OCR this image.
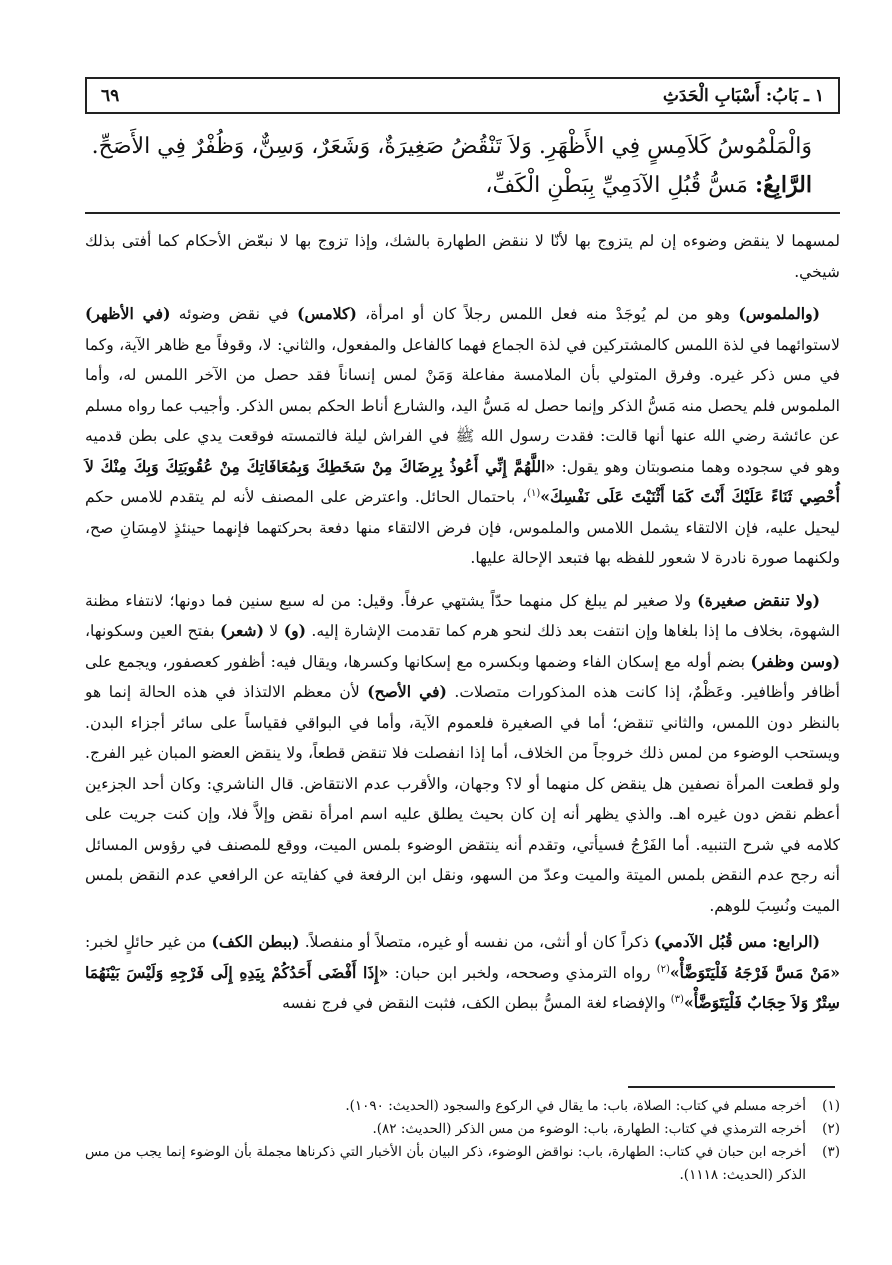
١ ـ بَابُ: أَسْبَابِ الْحَدَثِ
٦٩

وَالْمَلْمُوسُ كَلاَمِسٍ فِي الأَظْهَرِ. وَلاَ تَنْقُضُ صَغِيرَةٌ، وَشَعَرٌ، وَسِنٌّ، وَظُفْرٌ فِي الأَصَحِّ.

الرَّابِعُ: مَسُّ قُبُلِ الآدَمِيِّ بِبَطْنِ الْكَفِّ،

لمسهما لا ينقض وضوءه إن لم يتزوج بها لأنّا لا ننقض الطهارة بالشك، وإذا تزوج بها لا نبعّض الأحكام كما أفتى بذلك شيخي.

(والملموس) وهو من لم يُوجَدْ منه فعل اللمس رجلاً كان أو امرأة، (كلامس) في نقض وضوئه (في الأظهر) لاستوائهما في لذة اللمس كالمشتركين في لذة الجماع فهما كالفاعل والمفعول، والثاني: لا، وقوفاً مع ظاهر الآية، وكما في مس ذكر غيره. وفرق المتولي بأن الملامسة مفاعلة وَمَنْ لمس إنساناً فقد حصل من الآخر اللمس له، وأما الملموس فلم يحصل منه مَسُّ الذكر وإنما حصل له مَسُّ اليد، والشارع أناط الحكم بمس الذكر. وأجيب عما رواه مسلم عن عائشة رضي الله عنها أنها قالت: فقدت رسول الله ﷺ في الفراش ليلة فالتمسته فوقعت يدي على بطن قدميه وهو في سجوده وهما منصوبتان وهو يقول: «اللَّهُمَّ إِنِّي أَعُوذُ بِرِضَاكَ مِنْ سَخَطِكَ وَبِمُعَافَاتِكَ مِنْ عُقُوبَتِكَ وَبِكَ مِنْكَ لاَ أُحْصِي ثَنَاءً عَلَيْكَ أَنْتَ كَمَا أَثْنَيْتَ عَلَى نَفْسِكَ»$^{(١)}$، باحتمال الحائل. واعترض على المصنف لأنه لم يتقدم للامس حكم ليحيل عليه، فإن الالتقاء يشمل اللامس والملموس، فإن فرض الالتقاء منها دفعة بحركتهما فإنهما حينئذٍ لامِسَانِ صح، ولكنهما صورة نادرة لا شعور للفظه بها فتبعد الإحالة عليها.

(ولا تنقض صغيرة) ولا صغير لم يبلغ كل منهما حدّاً يشتهي عرفاً. وقيل: من له سبع سنين فما دونها؛ لانتفاء مظنة الشهوة، بخلاف ما إذا بلغاها وإن انتفت بعد ذلك لنحو هرم كما تقدمت الإشارة إليه. (و) لا (شعر) بفتح العين وسكونها، (وسن وظفر) بضم أوله مع إسكان الفاء وضمها وبكسره مع إسكانها وكسرها، ويقال فيه: أظفور كعصفور، ويجمع على أظافر وأظافير. وعَظْمٌ، إذا كانت هذه المذكورات متصلات. (في الأصح) لأن معظم الالتذاذ في هذه الحالة إنما هو بالنظر دون اللمس، والثاني تنقض؛ أما في الصغيرة فلعموم الآية، وأما في البواقي فقياساً على سائر أجزاء البدن. ويستحب الوضوء من لمس ذلك خروجاً من الخلاف، أما إذا انفصلت فلا تنقض قطعاً، ولا ينقض العضو المبان غير الفرج. ولو قطعت المرأة نصفين هل ينقض كل منهما أو لا؟ وجهان، والأقرب عدم الانتقاض. قال الناشري: وكان أحد الجزءين أعظم نقض دون غيره اهـ. والذي يظهر أنه إن كان بحيث يطلق عليه اسم امرأة نقض وإلاَّ فلا، وإن كنت جريت على كلامه في شرح التنبيه. أما الفَرْجُ فسيأتي، وتقدم أنه ينتقض الوضوء بلمس الميت، ووقع للمصنف في رؤوس المسائل أنه رجح عدم النقض بلمس الميتة والميت وعدّ من السهو، ونقل ابن الرفعة في كفايته عن الرافعي عدم النقض بلمس الميت ونُسِبَ للوهم.

(الرابع: مس قُبُل الآدمي) ذكراً كان أو أنثى، من نفسه أو غيره، متصلاً أو منفصلاً. (ببطن الكف) من غير حائلٍ لخبر: «مَنْ مَسَّ فَرْجَهُ فَلْيَتَوَضَّأْ»$^{(٢)}$ رواه الترمذي وصححه، ولخبر ابن حبان: «إِذَا أَفْضَى أَحَدُكُمْ بِيَدِهِ إِلَى فَرْجِهِ وَلَيْسَ بَيْنَهُمَا سِتْرٌ وَلاَ حِجَابٌ فَلْيَتَوَضَّأْ»$^{(٣)}$ والإفضاء لغة المسُّ ببطن الكف، فثبت النقض في فرج نفسه

(١)
أخرجه مسلم في كتاب: الصلاة، باب: ما يقال في الركوع والسجود (الحديث: ١٠٩٠).
(٢)
أخرجه الترمذي في كتاب: الطهارة، باب: الوضوء من مس الذكر (الحديث: ٨٢).
(٣)
أخرجه ابن حبان في كتاب: الطهارة، باب: نواقض الوضوء، ذكر البيان بأن الأخبار التي ذكرناها مجملة بأن الوضوء إنما يجب من مس الذكر (الحديث: ١١١٨).
